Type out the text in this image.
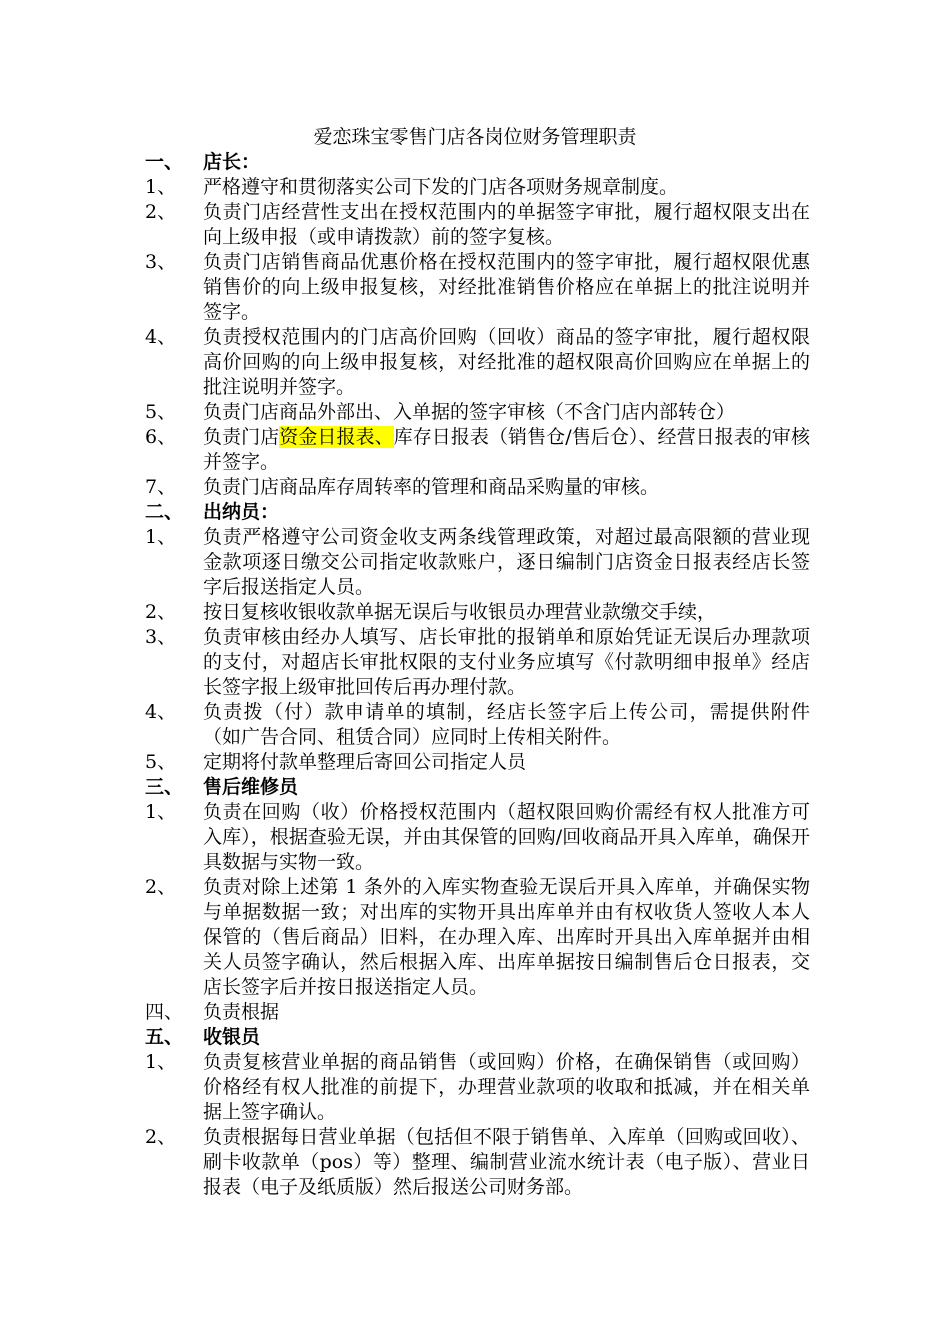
爱恋珠宝零售门店各岗位财务管理职责
一、	店长：
1、	严格遵守和贯彻落实公司下发的门店各项财务规章制度。
2、	负责门店经营性支出在授权范围内的单据签字审批，履行超权限支出在向上级申报（或申请拨款）前的签字复核。
3、	负责门店销售商品优惠价格在授权范围内的签字审批，履行超权限优惠销售价的向上级申报复核，对经批准销售价格应在单据上的批注说明并签字。
4、	负责授权范围内的门店高价回购（回收）商品的签字审批，履行超权限高价回购的向上级申报复核，对经批准的超权限高价回购应在单据上的批注说明并签字。
5、	负责门店商品外部出、入单据的签字审核（不含门店内部转仓）
6、	负责门店资金日报表、库存日报表（销售仓/售后仓）、经营日报表的审核并签字。
7、	负责门店商品库存周转率的管理和商品采购量的审核。
二、	出纳员：
1、	负责严格遵守公司资金收支两条线管理政策，对超过最高限额的营业现金款项逐日缴交公司指定收款账户，逐日编制门店资金日报表经店长签字后报送指定人员。
2、	按日复核收银收款单据无误后与收银员办理营业款缴交手续，
3、	负责审核由经办人填写、店长审批的报销单和原始凭证无误后办理款项的支付，对超店长审批权限的支付业务应填写《付款明细申报单》经店长签字报上级审批回传后再办理付款。
4、	负责拨（付）款申请单的填制，经店长签字后上传公司，需提供附件（如广告合同、租赁合同）应同时上传相关附件。
5、	定期将付款单整理后寄回公司指定人员
三、	售后维修员
1、	负责在回购（收）价格授权范围内（超权限回购价需经有权人批准方可入库），根据查验无误，并由其保管的回购/回收商品开具入库单，确保开具数据与实物一致。
2、	负责对除上述第 1 条外的入库实物查验无误后开具入库单，并确保实物与单据数据一致；对出库的实物开具出库单并由有权收货人签收人本人保管的（售后商品）旧料，在办理入库、出库时开具出入库单据并由相关人员签字确认，然后根据入库、出库单据按日编制售后仓日报表，交店长签字后并按日报送指定人员。
四、	负责根据
五、	收银员
1、	负责复核营业单据的商品销售（或回购）价格，在确保销售（或回购）价格经有权人批准的前提下，办理营业款项的收取和抵减，并在相关单据上签字确认。
2、	负责根据每日营业单据（包括但不限于销售单、入库单（回购或回收）、刷卡收款单（pos）等）整理、编制营业流水统计表（电子版）、营业日报表（电子及纸质版）然后报送公司财务部。
